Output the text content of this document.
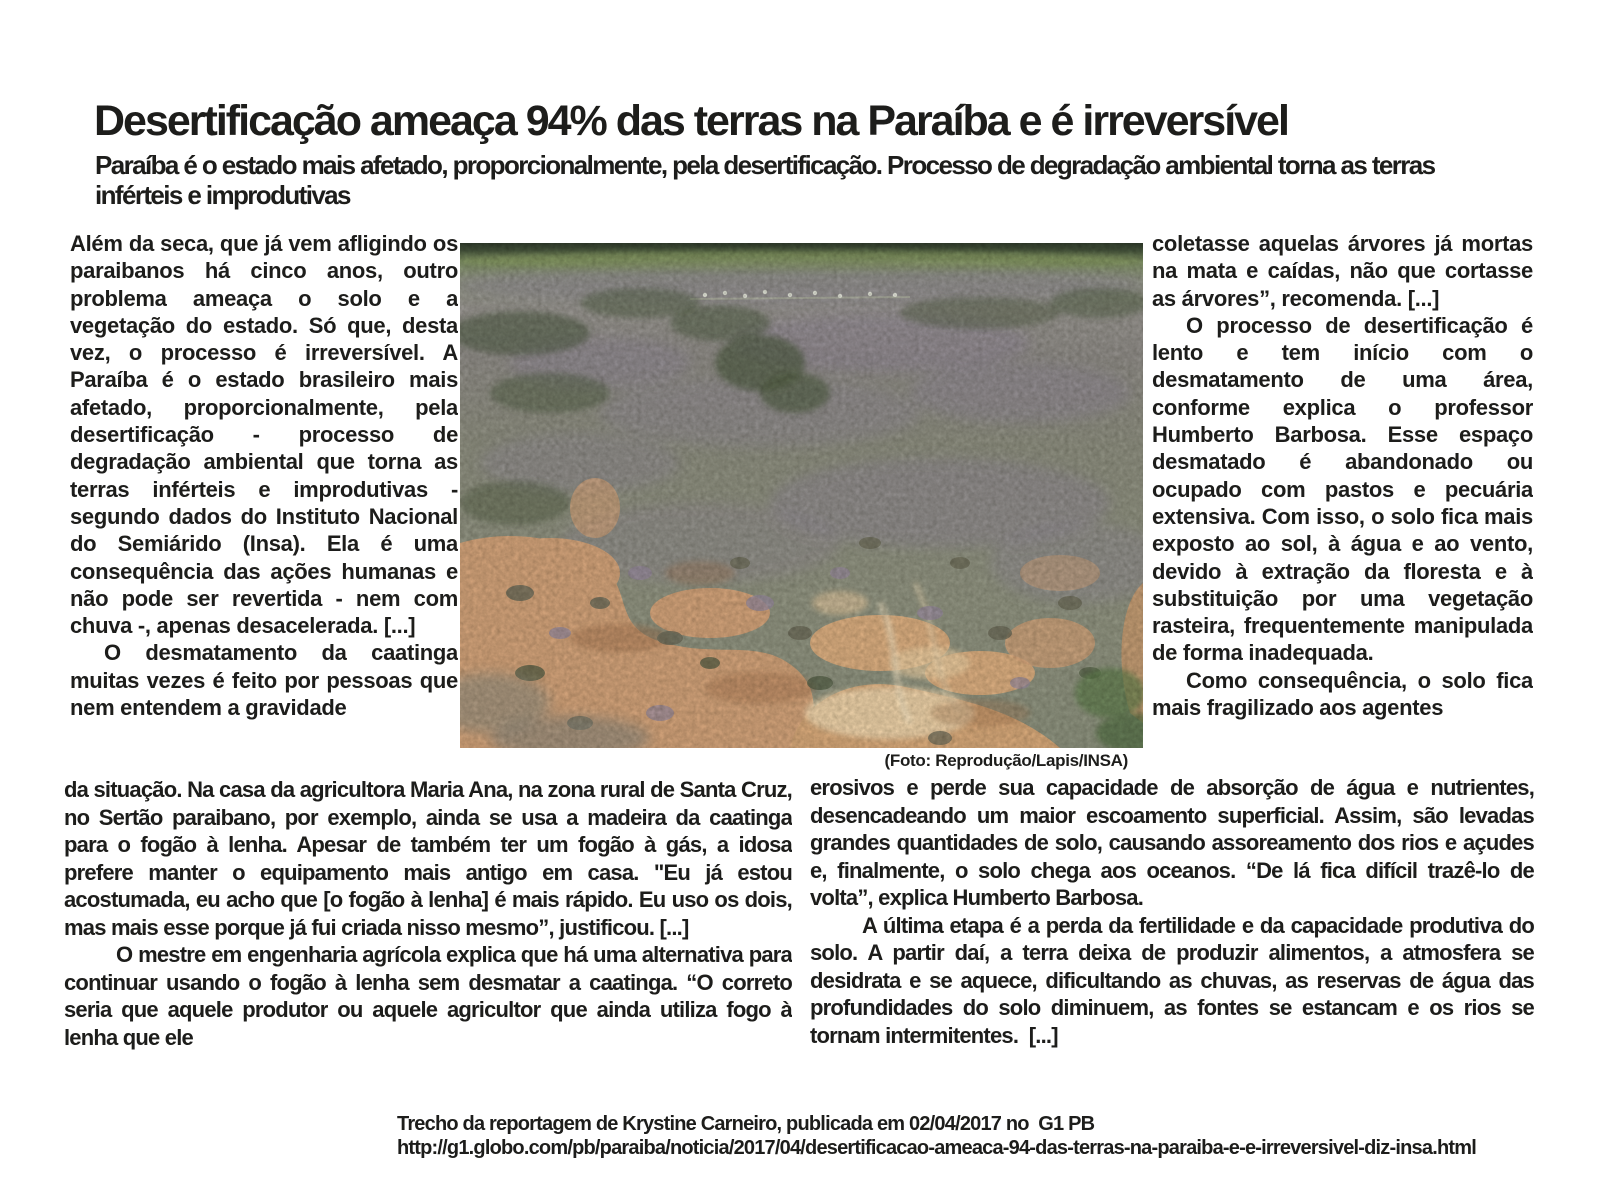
Desertificação ameaça 94% das terras na Paraíba e é irreversível
Paraíba é o estado mais afetado, proporcionalmente, pela desertificação. Processo de degradação ambiental torna as terras inférteis e improdutivas

Além da seca, que já vem afligindo os paraibanos há cinco anos, outro problema ameaça o solo e a vegetação do estado. Só que, desta vez, o processo é irreversível. A Paraíba é o estado brasileiro mais afetado, proporcionalmente, pela desertificação - processo de degradação ambiental que torna as terras inférteis e improdutivas - segundo dados do Instituto Nacional do Semiárido (Insa). Ela é uma consequência das ações humanas e não pode ser revertida - nem com chuva -, apenas desacelerada. [...]

O desmatamento da caatinga muitas vezes é feito por pessoas que nem entendem a gravidade

(Foto: Reprodução/Lapis/INSA)

coletasse aquelas árvores já mortas na mata e caídas, não que cortasse as árvores”, recomenda. [...]

O processo de desertificação é lento e tem início com o desmatamento de uma área, conforme explica o professor Humberto Barbosa. Esse espaço desmatado é abandonado ou ocupado com pastos e pecuária extensiva. Com isso, o solo fica mais exposto ao sol, à água e ao vento, devido à extração da floresta e à substituição por uma vegetação rasteira, frequentemente manipulada de forma inadequada.

Como consequência, o solo fica mais fragilizado aos agentes

da situação. Na casa da agricultora Maria Ana, na zona rural de Santa Cruz, no Sertão paraibano, por exemplo, ainda se usa a madeira da caatinga para o fogão à lenha. Apesar de também ter um fogão à gás, a idosa prefere manter o equipamento mais antigo em casa. "Eu já estou acostumada, eu acho que [o fogão à lenha] é mais rápido. Eu uso os dois, mas mais esse porque já fui criada nisso mesmo”, justificou. [...]

O mestre em engenharia agrícola explica que há uma alternativa para continuar usando o fogão à lenha sem desmatar a caatinga. “O correto seria que aquele produtor ou aquele agricultor que ainda utiliza fogo à lenha que ele

erosivos e perde sua capacidade de absorção de água e nutrientes, desencadeando um maior escoamento superficial. Assim, são levadas grandes quantidades de solo, causando assoreamento dos rios e açudes e, finalmente, o solo chega aos oceanos. “De lá fica difícil trazê-lo de volta”, explica Humberto Barbosa.

A última etapa é a perda da fertilidade e da capacidade produtiva do solo. A partir daí, a terra deixa de produzir alimentos, a atmosfera se desidrata e se aquece, dificultando as chuvas, as reservas de água das profundidades do solo diminuem, as fontes se estancam e os rios se tornam intermitentes.  [...]

Trecho da reportagem de Krystine Carneiro, publicada em 02/04/2017 no  G1 PB
http://g1.globo.com/pb/paraiba/noticia/2017/04/desertificacao-ameaca-94-das-terras-na-paraiba-e-e-irreversivel-diz-insa.html
